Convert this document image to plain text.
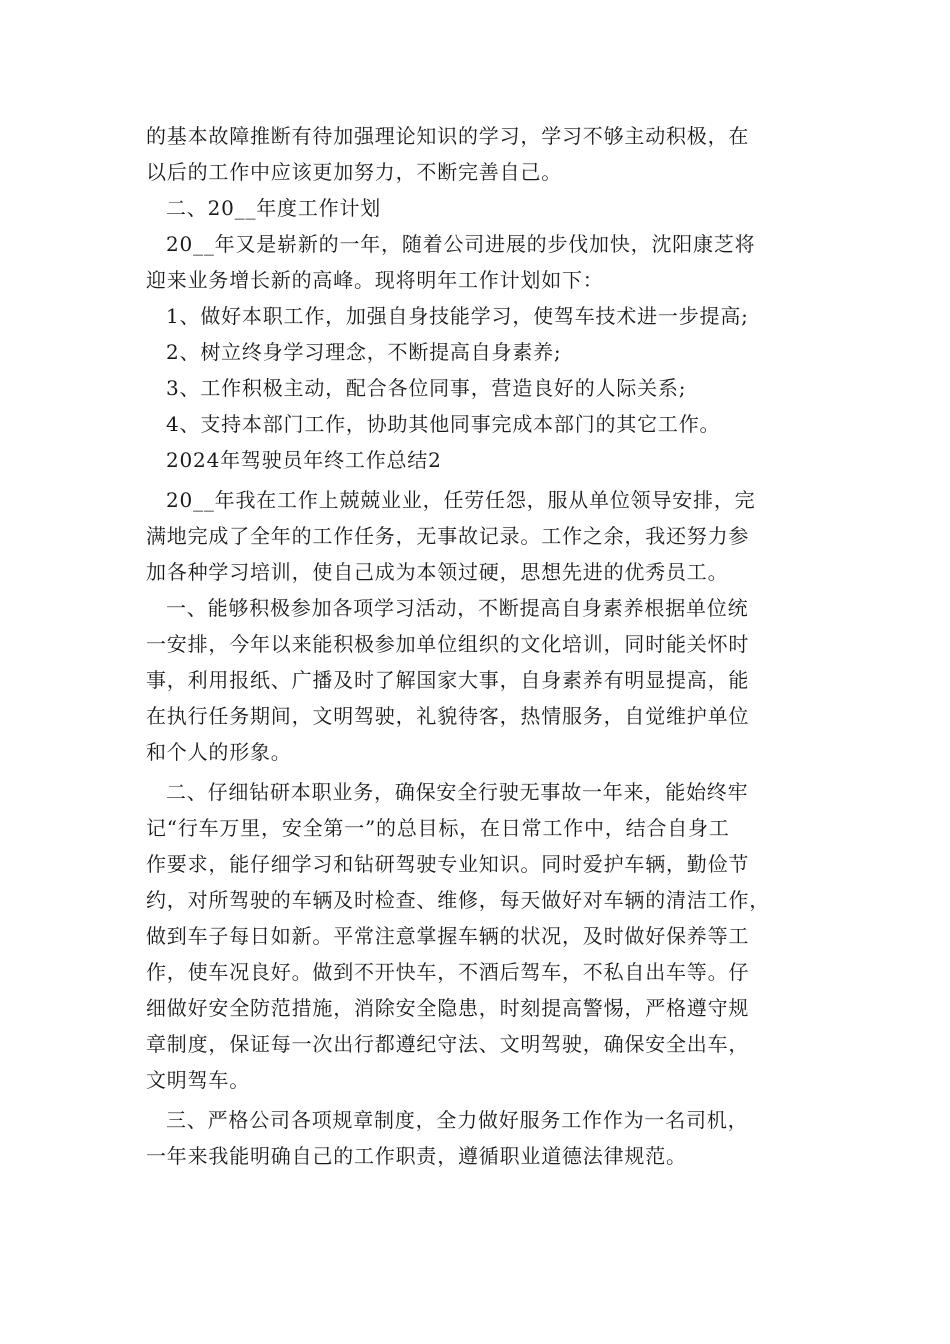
的基本故障推断有待加强理论知识的学习，学习不够主动积极，在
以后的工作中应该更加努力，不断完善自己。
二、20__年度工作计划
20__年又是崭新的一年，随着公司进展的步伐加快，沈阳康芝将
迎来业务增长新的高峰。现将明年工作计划如下：
1、做好本职工作，加强自身技能学习，使驾车技术进一步提高;
2、树立终身学习理念，不断提高自身素养;
3、工作积极主动，配合各位同事，营造良好的人际关系;
4、支持本部门工作，协助其他同事完成本部门的其它工作。
2024年驾驶员年终工作总结2
20__年我在工作上兢兢业业，任劳任怨，服从单位领导安排，完
满地完成了全年的工作任务，无事故记录。工作之余，我还努力参
加各种学习培训，使自己成为本领过硬，思想先进的优秀员工。
一、能够积极参加各项学习活动，不断提高自身素养根据单位统
一安排，今年以来能积极参加单位组织的文化培训，同时能关怀时
事，利用报纸、广播及时了解国家大事，自身素养有明显提高，能
在执行任务期间，文明驾驶，礼貌待客，热情服务，自觉维护单位
和个人的形象。
二、仔细钻研本职业务，确保安全行驶无事故一年来，能始终牢
记“行车万里，安全第一”的总目标，在日常工作中，结合自身工
作要求，能仔细学习和钻研驾驶专业知识。同时爱护车辆，勤俭节
约，对所驾驶的车辆及时检查、维修，每天做好对车辆的清洁工作，
做到车子每日如新。平常注意掌握车辆的状况，及时做好保养等工
作，使车况良好。做到不开快车，不酒后驾车，不私自出车等。仔
细做好安全防范措施，消除安全隐患，时刻提高警惕，严格遵守规
章制度，保证每一次出行都遵纪守法、文明驾驶，确保安全出车，
文明驾车。
三、严格公司各项规章制度，全力做好服务工作作为一名司机，
一年来我能明确自己的工作职责，遵循职业道德法律规范。
